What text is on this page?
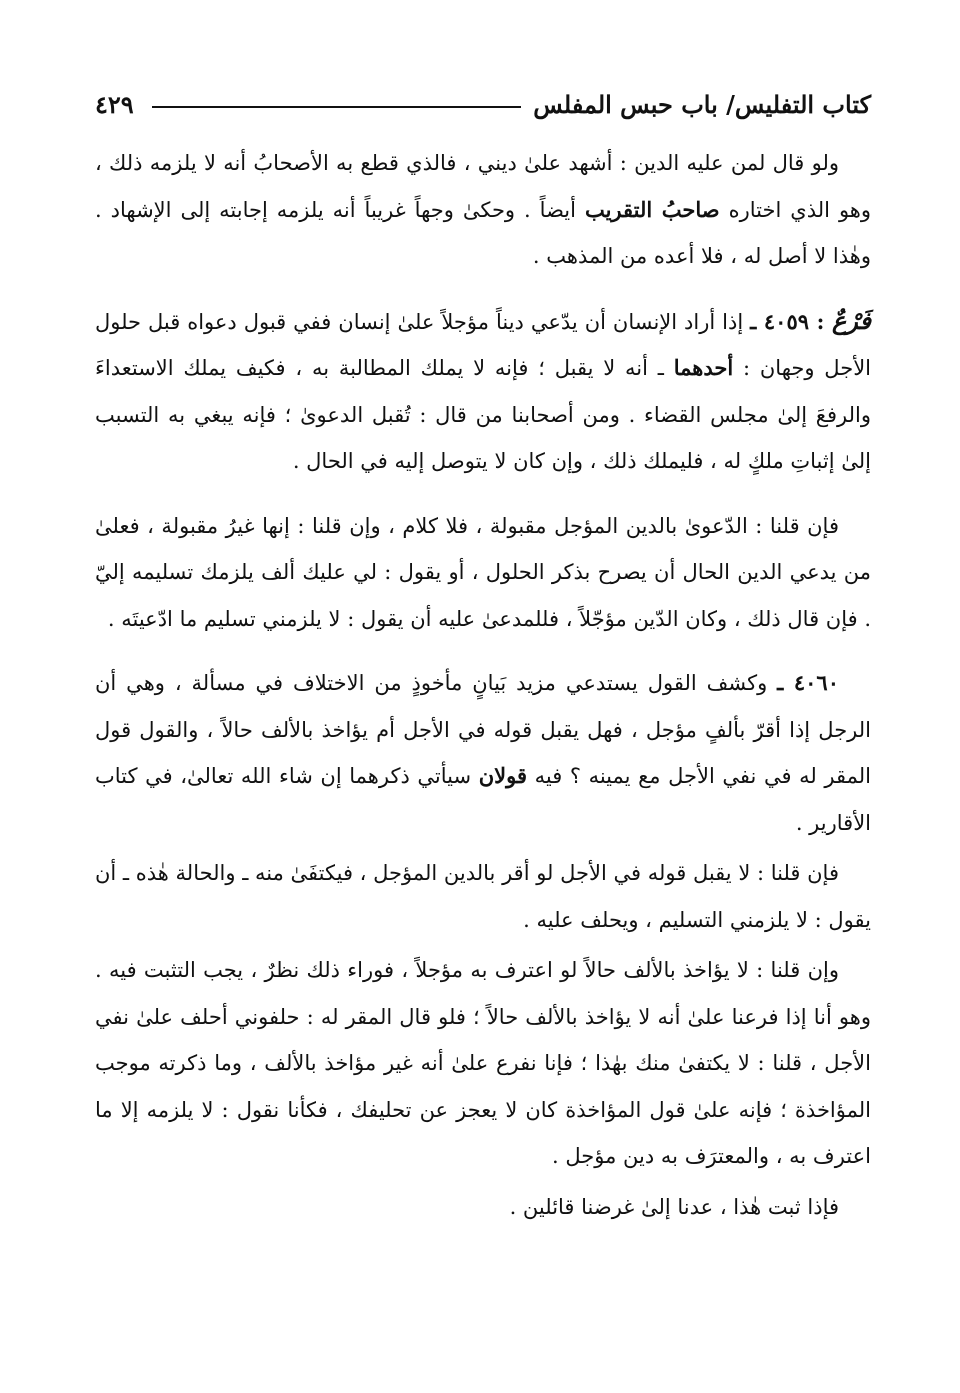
كتاب التفليس/ باب حبس المفلس
٤٢٩

ولو قال لمن عليه الدين : أشهد علىٰ ديني ، فالذي قطع به الأصحابُ أنه لا يلزمه ذلك ، وهو الذي اختاره صاحبُ التقريب أيضاً . وحكىٰ وجهاً غريباً أنه يلزمه إجابته إلى الإشهاد . وهٰذا لا أصل له ، فلا أعده من المذهب .

فَرْعٌ : ٤٠٥٩ ـ إذا أراد الإنسان أن يدّعي ديناً مؤجلاً علىٰ إنسان ففي قبول دعواه قبل حلول الأجل وجهان : أحدهما ـ أنه لا يقبل ؛ فإنه لا يملك المطالبة به ، فكيف يملك الاستعداءَ والرفعَ إلىٰ مجلس القضاء . ومن أصحابنا من قال : تُقبل الدعوىٰ ؛ فإنه يبغي به التسبب إلىٰ إثباتِ ملكٍ له ، فليملك ذلك ، وإن كان لا يتوصل إليه في الحال .

فإن قلنا : الدّعوىٰ بالدين المؤجل مقبولة ، فلا كلام ، وإن قلنا : إنها غيرُ مقبولة ، فعلىٰ من يدعي الدين الحال أن يصرح بذكر الحلول ، أو يقول : لي عليك ألف يلزمك تسليمه إليّ . فإن قال ذلك ، وكان الدّين مؤجّلاً ، فللمدعىٰ عليه أن يقول : لا يلزمني تسليم ما ادّعيتَه .

٤٠٦٠ ـ وكشف القول يستدعي مزيد بَيانٍ مأخوذٍ من الاختلاف في مسألة ، وهي أن الرجل إذا أقرّ بألفٍ مؤجل ، فهل يقبل قوله في الأجل أم يؤاخذ بالألف حالاً ، والقول قول المقر له في نفي الأجل مع يمينه ؟ فيه قولان سيأتي ذكرهما إن شاء الله تعالىٰ، في كتاب الأقارير .

فإن قلنا : لا يقبل قوله في الأجل لو أقر بالدين المؤجل ، فيكتفَىٰ منه ـ والحالة هٰذه ـ أن يقول : لا يلزمني التسليم ، ويحلف عليه .

وإن قلنا : لا يؤاخذ بالألف حالاً لو اعترف به مؤجلاً ، فوراء ذلك نظرٌ ، يجب التثبت فيه . وهو أنا إذا فرعنا علىٰ أنه لا يؤاخذ بالألف حالاً ؛ فلو قال المقر له : حلفوني أحلف علىٰ نفي الأجل ، قلنا : لا يكتفىٰ منك بهٰذا ؛ فإنا نفرع علىٰ أنه غير مؤاخذ بالألف ، وما ذكرته موجب المؤاخذة ؛ فإنه علىٰ قول المؤاخذة كان لا يعجز عن تحليفك ، فكأنا نقول : لا يلزمه إلا ما اعترف به ، والمعترَف به دين مؤجل .

فإذا ثبت هٰذا ، عدنا إلىٰ غرضنا قائلين .
